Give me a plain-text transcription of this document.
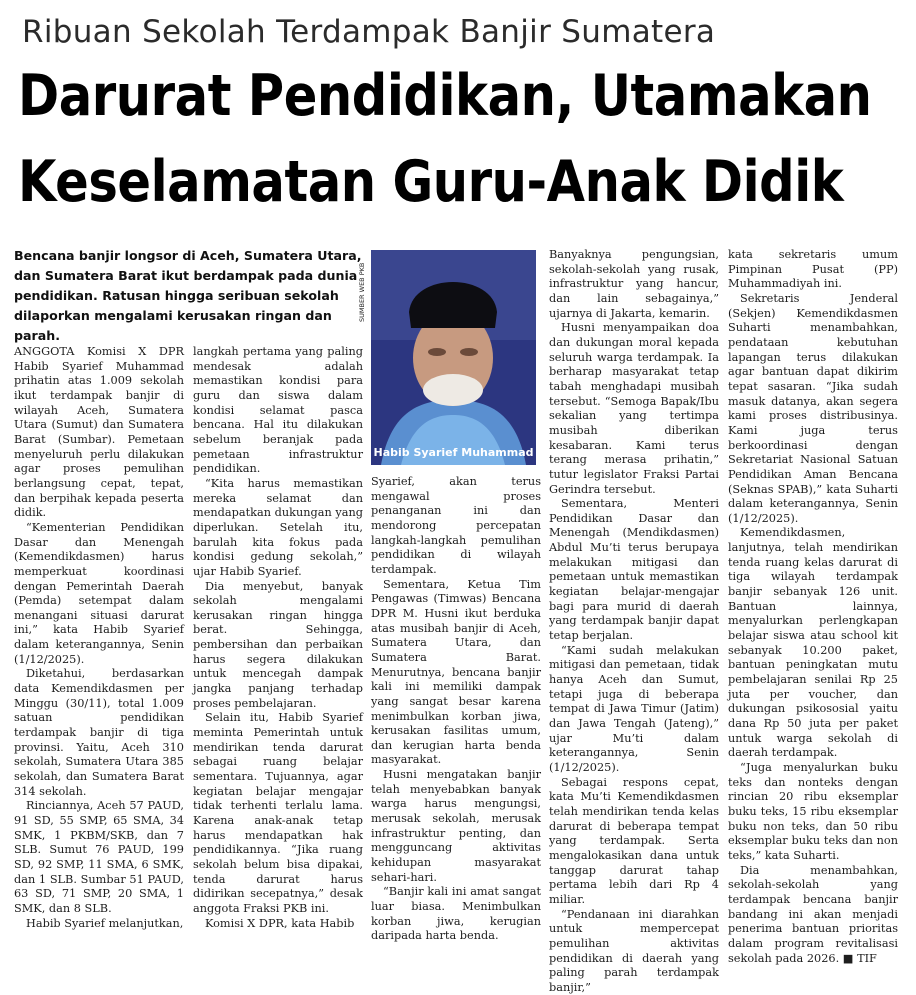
Ribuan Sekolah Terdampak Banjir Sumatera
Darurat Pendidikan, Utamakan
Keselamatan Guru-Anak Didik
Bencana banjir longsor di Aceh, Sumatera Utara, dan Sumatera Barat ikut berdampak pada dunia pendidikan. Ratusan hingga seribuan sekolah dilaporkan mengalami kerusakan ringan dan parah.
SUMBER WEB PKB
Habib Syarief Muhammad

ANGGOTA Komisi X DPR Habib Syarief Muhammad prihatin atas 1.009 sekolah ikut terdampak banjir di wilayah Aceh, Sumatera Utara (Sumut) dan Sumatera Barat (Sumbar). Pemetaan menyeluruh perlu dilakukan agar proses pemulihan berlangsung cepat, tepat, dan berpihak kepada peserta didik.

“Kementerian Pendidikan Dasar dan Menengah (Kemendikdasmen) harus memperkuat koordinasi dengan Pemerintah Daerah (Pemda) setempat dalam menangani situasi darurat ini,” kata Habib Syarief dalam keterangannya, Senin (1/12/2025).

Diketahui, berdasarkan data Kemendikdasmen per Minggu (30/11), total 1.009 satuan pendidikan terdampak banjir di tiga provinsi. Yaitu, Aceh 310 sekolah, Sumatera Utara 385 sekolah, dan Sumatera Barat 314 sekolah.

Rinciannya, Aceh 57 PAUD, 91 SD, 55 SMP, 65 SMA, 34 SMK, 1 PKBM/SKB, dan 7 SLB. Sumut 76 PAUD, 199 SD, 92 SMP, 11 SMA, 6 SMK, dan 1 SLB. Sumbar 51 PAUD, 63 SD, 71 SMP, 20 SMA, 1 SMK, dan 8 SLB.

Habib Syarief melanjutkan,

langkah pertama yang paling mendesak adalah memastikan kondisi para guru dan siswa dalam kondisi selamat pasca bencana. Hal itu dilakukan sebelum beranjak pada pemetaan infrastruktur pendidikan.

“Kita harus memastikan mereka selamat dan mendapatkan dukungan yang diperlukan. Setelah itu, barulah kita fokus pada kondisi gedung sekolah,” ujar Habib Syarief.

Dia menyebut, banyak sekolah mengalami kerusakan ringan hingga berat. Sehingga, pembersihan dan perbaikan harus segera dilakukan untuk mencegah dampak jangka panjang terhadap proses pembelajaran.

Selain itu, Habib Syarief meminta Pemerintah untuk mendirikan tenda darurat sebagai ruang belajar sementara. Tujuannya, agar kegiatan belajar mengajar tidak terhenti terlalu lama. Karena anak-anak tetap harus mendapatkan hak pendidikannya. “Jika ruang sekolah belum bisa dipakai, tenda darurat harus didirikan secepatnya,” desak anggota Fraksi PKB ini.

Komisi X DPR, kata Habib

Syarief, akan terus mengawal proses penanganan ini dan mendorong percepatan langkah-langkah pemulihan pendidikan di wilayah terdampak.

Sementara, Ketua Tim Pengawas (Timwas) Bencana DPR M. Husni ikut berduka atas musibah banjir di Aceh, Sumatera Utara, dan Sumatera Barat. Menurutnya, bencana banjir kali ini memiliki dampak yang sangat besar karena menimbulkan korban jiwa, kerusakan fasilitas umum, dan kerugian harta benda masyarakat.

Husni mengatakan banjir telah menyebabkan banyak warga harus mengungsi, merusak sekolah, merusak infrastruktur penting, dan mengguncang aktivitas kehidupan masyarakat sehari-hari.

“Banjir kali ini amat sangat luar biasa. Menimbulkan korban jiwa, kerugian daripada harta benda.

Banyaknya pengungsian, sekolah-sekolah yang rusak, infrastruktur yang hancur, dan lain sebagainya,” ujarnya di Jakarta, kemarin.

Husni menyampaikan doa dan dukungan moral kepada seluruh warga terdampak. Ia berharap masyarakat tetap tabah menghadapi musibah tersebut. “Semoga Bapak/Ibu sekalian yang tertimpa musibah diberikan kesabaran. Kami terus terang merasa prihatin,” tutur legislator Fraksi Partai Gerindra tersebut.

Sementara, Menteri Pendidikan Dasar dan Menengah (Mendikdasmen) Abdul Mu’ti terus berupaya melakukan mitigasi dan pemetaan untuk memastikan kegiatan belajar-mengajar bagi para murid di daerah yang terdampak banjir dapat tetap berjalan.

“Kami sudah melakukan mitigasi dan pemetaan, tidak hanya Aceh dan Sumut, tetapi juga di beberapa tempat di Jawa Timur (Jatim) dan Jawa Tengah (Jateng),” ujar Mu’ti dalam keterangannya, Senin (1/12/2025).

Sebagai respons cepat, kata Mu’ti Kemendikdasmen telah mendirikan tenda kelas darurat di beberapa tempat yang terdampak. Serta mengalokasikan dana untuk tanggap darurat tahap pertama lebih dari Rp 4 miliar.

“Pendanaan ini diarahkan untuk mempercepat pemulihan aktivitas pendidikan di daerah yang paling parah terdampak banjir,”

kata sekretaris umum Pimpinan Pusat (PP) Muhammadiyah ini.

Sekretaris Jenderal (Sekjen) Kemendikdasmen Suharti menambahkan, pendataan kebutuhan lapangan terus dilakukan agar bantuan dapat dikirim tepat sasaran. “Jika sudah masuk datanya, akan segera kami proses distribusinya. Kami juga terus berkoordinasi dengan Sekretariat Nasional Satuan Pendidikan Aman Bencana (Seknas SPAB),” kata Suharti dalam keterangannya, Senin (1/12/2025).

Kemendikdasmen, lanjutnya, telah mendirikan tenda ruang kelas darurat di tiga wilayah terdampak banjir sebanyak 126 unit. Bantuan lainnya, menyalurkan perlengkapan belajar siswa atau school kit sebanyak 10.200 paket, bantuan peningkatan mutu pembelajaran senilai Rp 25 juta per voucher, dan dukungan psikososial yaitu dana Rp 50 juta per paket untuk warga sekolah di daerah terdampak.

“Juga menyalurkan buku teks dan nonteks dengan rincian 20 ribu eksemplar buku teks, 15 ribu eksemplar buku non teks, dan 50 ribu eksemplar buku teks dan non teks,” kata Suharti.

Dia menambahkan, sekolah-sekolah yang terdampak bencana banjir bandang ini akan menjadi penerima bantuan prioritas dalam program revitalisasi sekolah pada 2026. ■ TIF
